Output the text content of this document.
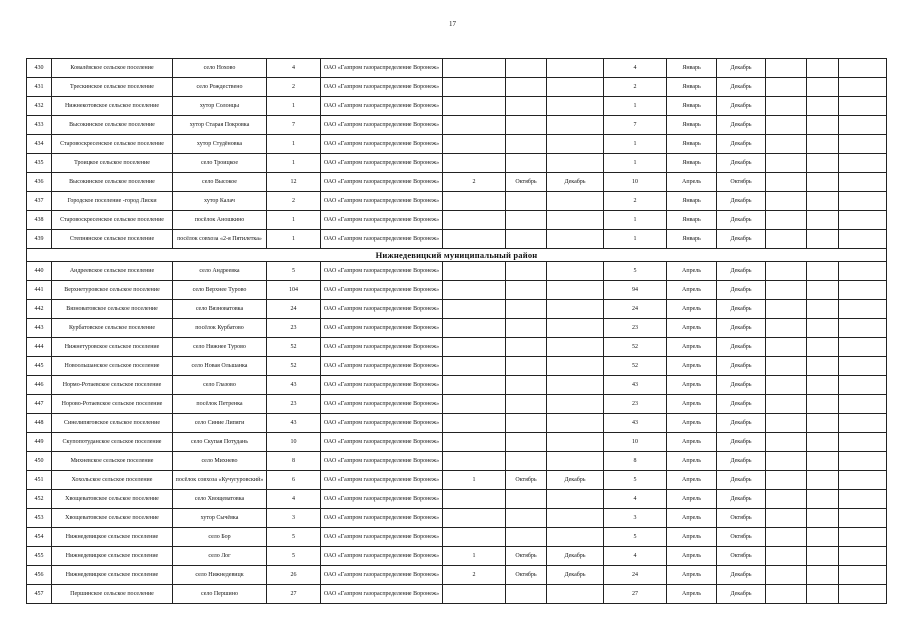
17
430	Ковалёвское сельское поселение	село Нохово	4	ОАО «Газпром газораспределение Воронеж»				4	Январь	Декабрь			
431	Трескинское сельское поселение	село Рождествено	2	ОАО «Газпром газораспределение Воронеж»				2	Январь	Декабрь			
432	Нижнекотовское сельское поселение	хутор Солонцы	1	ОАО «Газпром газораспределение Воронеж»				1	Январь	Декабрь			
433	Высокинское сельское поселение	хутор Старая Покровка	7	ОАО «Газпром газораспределение Воронеж»				7	Январь	Декабрь			
434	Старовоскресенское сельское поселение	хутор Студёновка	1	ОАО «Газпром газораспределение Воронеж»				1	Январь	Декабрь			
435	Троицкое сельское поселение	село Троицкое	1	ОАО «Газпром газораспределение Воронеж»				1	Январь	Декабрь			
436	Высокинское сельское поселение	село Высокое	12	ОАО «Газпром газораспределение Воронеж»	2	Октябрь	Декабрь	10	Апрель	Октябрь			
437	Городское поселение -город Лиски	хутор Калач	2	ОАО «Газпром газораспределение Воронеж»				2	Январь	Декабрь			
438	Старовоскресенское сельское поселение	посёлок Аношкино	1	ОАО «Газпром газораспределение Воронеж»				1	Январь	Декабрь			
439	Степнянское сельское поселение	посёлок совхоза «2-я Пятилетка»	1	ОАО «Газпром газораспределение Воронеж»				1	Январь	Декабрь			
Нижнедевицкий муниципальный район													
440	Андреевское сельское поселение	село Андреевка	5	ОАО «Газпром газораспределение Воронеж»				5	Апрель	Декабрь			
441	Верхнетуровское сельское поселение	село Верхнее Турово	104	ОАО «Газпром газораспределение Воронеж»				94	Апрель	Декабрь			
442	Вязноватовское сельское поселение	село Вязноватовка	24	ОАО «Газпром газораспределение Воронеж»				24	Апрель	Декабрь			
443	Курбатовское сельское поселение	посёлок Курбатово	23	ОАО «Газпром газораспределение Воронеж»				23	Апрель	Декабрь			
444	Нижнетуровское сельское поселение	село Нижнее Турово	52	ОАО «Газпром газораспределение Воронеж»				52	Апрель	Декабрь			
445	Новоольшанское сельское поселение	село Новая Ольшанка	52	ОАО «Газпром газораспределение Воронеж»				52	Апрель	Декабрь			
446	Нормо-Ротаевское сельское поселение	село Глазово	43	ОАО «Газпром газораспределение Воронеж»				43	Апрель	Декабрь			
447	Норово-Ротаевское сельское поселение	посёлок Петренка	23	ОАО «Газпром газораспределение Воронеж»				23	Апрель	Декабрь			
448	Синелипяговское сельское поселение	село Синие Липяги	43	ОАО «Газпром газораспределение Воронеж»				43	Апрель	Декабрь			
449	Скупопотуданское сельское поселение	село Скупая Потудань	10	ОАО «Газпром газораспределение Воронеж»				10	Апрель	Декабрь			
450	Михневское сельское поселение	село Михнево	8	ОАО «Газпром газораспределение Воронеж»				8	Апрель	Декабрь			
451	Хохольское сельское поселение	посёлок совхоза «Кучугуровский»	6	ОАО «Газпром газораспределение Воронеж»	1	Октябрь	Декабрь	5	Апрель	Декабрь			
452	Хвощеватовское сельское поселение	село Хвощеватовка	4	ОАО «Газпром газораспределение Воронеж»				4	Апрель	Декабрь			
453	Хвощеватовское сельское поселение	хутор Сычёвка	3	ОАО «Газпром газораспределение Воронеж»				3	Апрель	Октябрь			
454	Нижнедевицкое сельское поселение	село Бор	5	ОАО «Газпром газораспределение Воронеж»				5	Апрель	Октябрь			
455	Нижнедевицкое сельское поселение	село Лог	5	ОАО «Газпром газораспределение Воронеж»	1	Октябрь	Декабрь	4	Апрель	Октябрь			
456	Нижнедевицкое сельское поселение	село Нижнедевицк	26	ОАО «Газпром газораспределение Воронеж»	2	Октябрь	Декабрь	24	Апрель	Декабрь			
457	Першинское сельское поселение	село Першино	27	ОАО «Газпром газораспределение Воронеж»				27	Апрель	Декабрь			
